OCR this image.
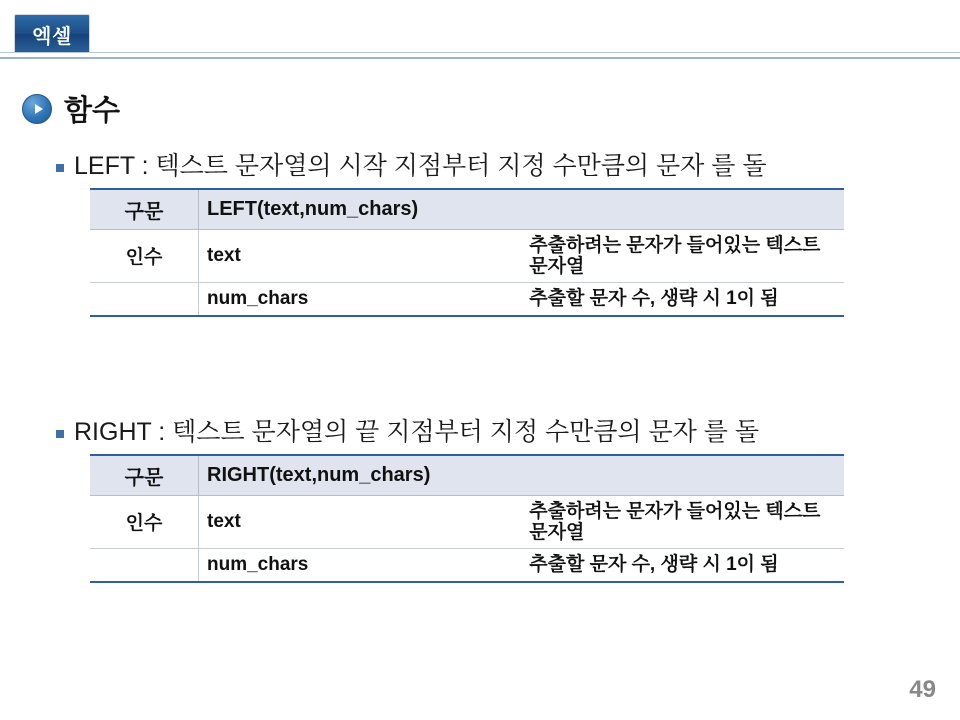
엑셀
함수
LEFT : 텍스트 문자열의 시작 지점부터 지정 수만큼의 문자 를 돌
구문	LEFT(text,num_chars)	
인수	text	추출하려는 문자가 들어있는 텍스트 문자열
	num_chars	추출할 문자 수, 생략 시 1이 됨
RIGHT : 텍스트 문자열의 끝 지점부터 지정 수만큼의 문자 를 돌
구문	RIGHT(text,num_chars)	
인수	text	추출하려는 문자가 들어있는 텍스트 문자열
	num_chars	추출할 문자 수, 생략 시 1이 됨
49
